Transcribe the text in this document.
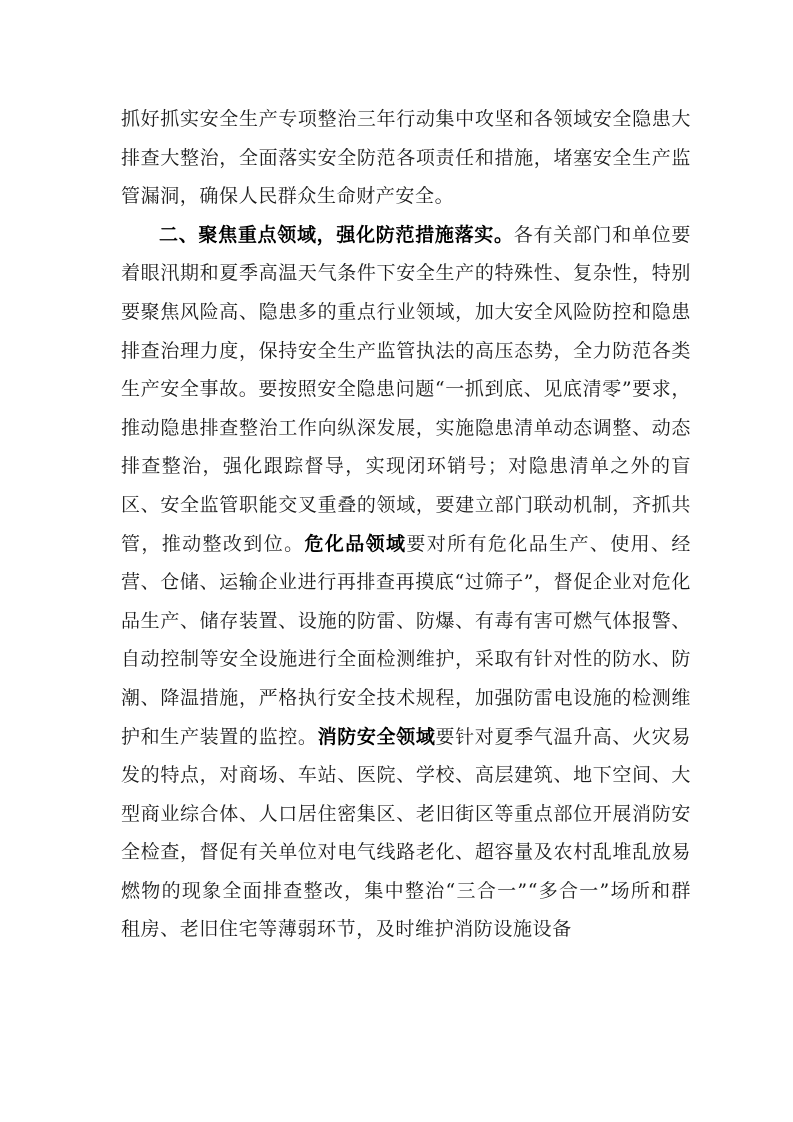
抓好抓实安全生产专项整治三年行动集中攻坚和各领域安全隐患大排查大整治，全面落实安全防范各项责任和措施，堵塞安全生产监管漏洞，确保人民群众生命财产安全。

二、聚焦重点领域，强化防范措施落实。各有关部门和单位要着眼汛期和夏季高温天气条件下安全生产的特殊性、复杂性，特别要聚焦风险高、隐患多的重点行业领域，加大安全风险防控和隐患排查治理力度，保持安全生产监管执法的高压态势，全力防范各类生产安全事故。要按照安全隐患问题“一抓到底、见底清零”要求，推动隐患排查整治工作向纵深发展，实施隐患清单动态调整、动态排查整治，强化跟踪督导，实现闭环销号；对隐患清单之外的盲区、安全监管职能交叉重叠的领域，要建立部门联动机制，齐抓共管，推动整改到位。危化品领域要对所有危化品生产、使用、经营、仓储、运输企业进行再排查再摸底“过筛子”，督促企业对危化品生产、储存装置、设施的防雷、防爆、有毒有害可燃气体报警、自动控制等安全设施进行全面检测维护，采取有针对性的防水、防潮、降温措施，严格执行安全技术规程，加强防雷电设施的检测维护和生产装置的监控。消防安全领域要针对夏季气温升高、火灾易发的特点，对商场、车站、医院、学校、高层建筑、地下空间、大型商业综合体、人口居住密集区、老旧街区等重点部位开展消防安全检查，督促有关单位对电气线路老化、超容量及农村乱堆乱放易燃物的现象全面排查整改，集中整治“三合一”“多合一”场所和群租房、老旧住宅等薄弱环节，及时维护消防设施设备
